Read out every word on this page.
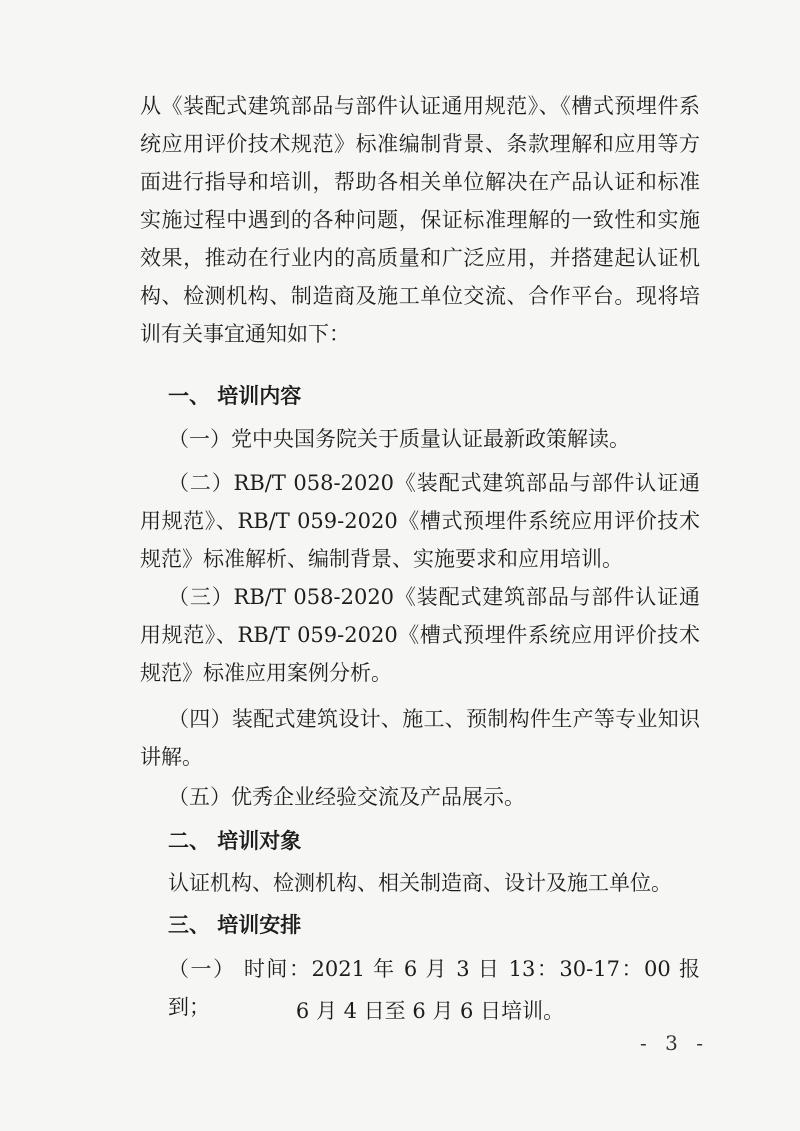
从《装配式建筑部品与部件认证通用规范》、《槽式预埋件系统应用评价技术规范》标准编制背景、条款理解和应用等方面进行指导和培训，帮助各相关单位解决在产品认证和标准实施过程中遇到的各种问题，保证标准理解的一致性和实施效果，推动在行业内的高质量和广泛应用，并搭建起认证机构、检测机构、制造商及施工单位交流、合作平台。现将培训有关事宜通知如下：

一、 培训内容

（一）党中央国务院关于质量认证最新政策解读。

（二）RB/T 058-2020《装配式建筑部品与部件认证通用规范》、RB/T 059-2020《槽式预埋件系统应用评价技术规范》标准解析、编制背景、实施要求和应用培训。

（三）RB/T 058-2020《装配式建筑部品与部件认证通用规范》、RB/T 059-2020《槽式预埋件系统应用评价技术规范》标准应用案例分析。

（四）装配式建筑设计、施工、预制构件生产等专业知识讲解。

（五）优秀企业经验交流及产品展示。

二、 培训对象

认证机构、检测机构、相关制造商、设计及施工单位。

三、 培训安排

（一） 时间：2021 年 6 月 3 日 13：30-17：00 报到；	6 月 4 日至 6 月 6 日培训。

- 3 -
